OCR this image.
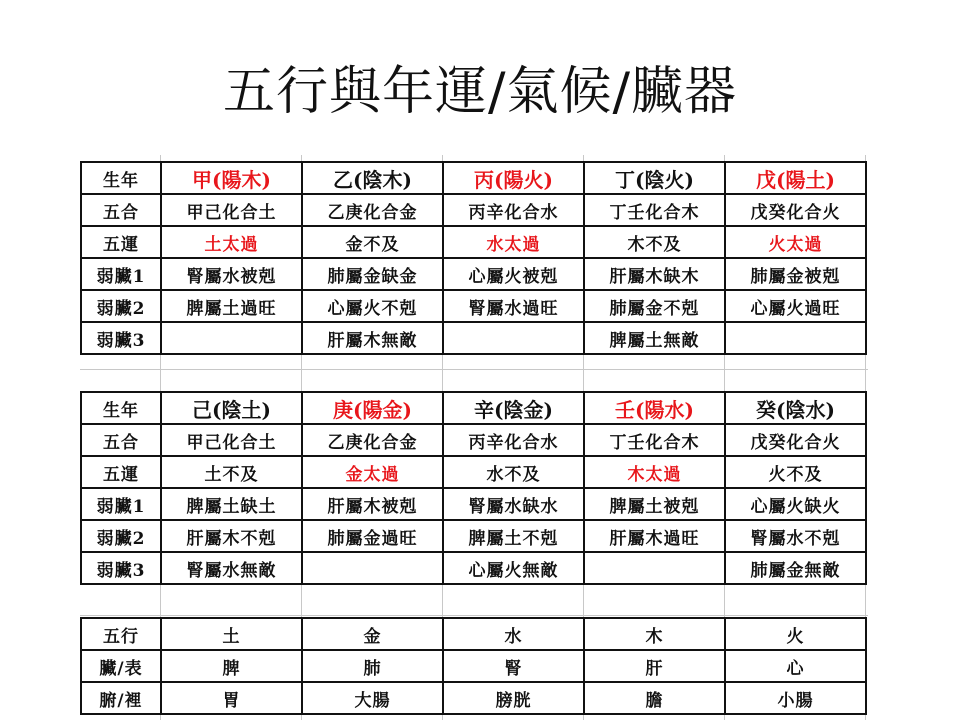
五行與年運/氣候/臟器
生年	甲(陽木)	乙(陰木)	丙(陽火)	丁(陰火)	戊(陽土)
五合	甲己化合土	乙庚化合金	丙辛化合水	丁壬化合木	戊癸化合火
五運	土太過	金不及	水太過	木不及	火太過
弱臟1	腎屬水被剋	肺屬金缺金	心屬火被剋	肝屬木缺木	肺屬金被剋
弱臟2	脾屬土過旺	心屬火不剋	腎屬水過旺	肺屬金不剋	心屬火過旺
弱臟3		肝屬木無敵		脾屬土無敵	
生年	己(陰土)	庚(陽金)	辛(陰金)	壬(陽水)	癸(陰水)
五合	甲己化合土	乙庚化合金	丙辛化合水	丁壬化合木	戊癸化合火
五運	土不及	金太過	水不及	木太過	火不及
弱臟1	脾屬土缺土	肝屬木被剋	腎屬水缺水	脾屬土被剋	心屬火缺火
弱臟2	肝屬木不剋	肺屬金過旺	脾屬土不剋	肝屬木過旺	腎屬水不剋
弱臟3	腎屬水無敵		心屬火無敵		肺屬金無敵
五行	土	金	水	木	火
臟/表	脾	肺	腎	肝	心
腑/裡	胃	大腸	膀胱	膽	小腸
